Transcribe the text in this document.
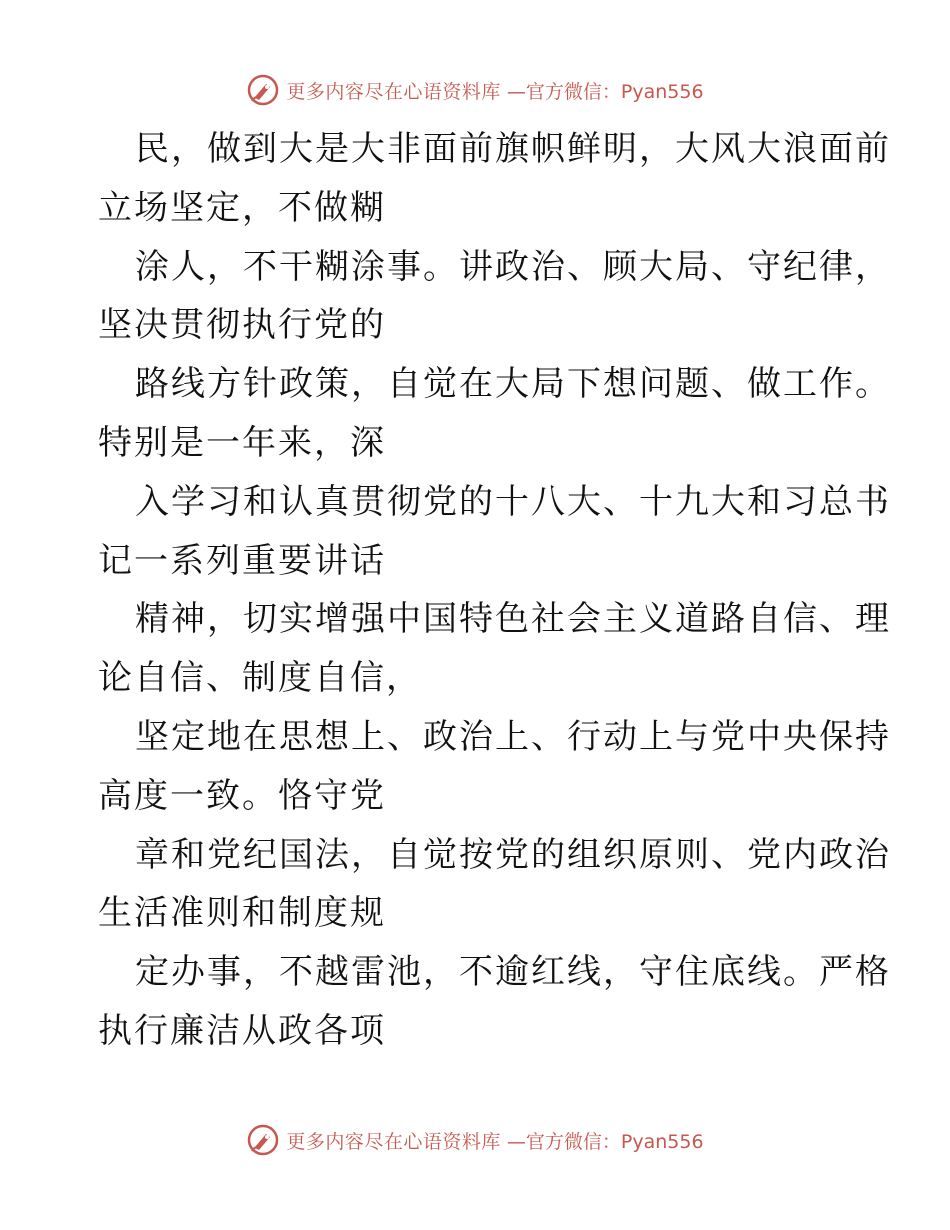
更多内容尽在心语资料库 —官方微信：Pyan556
民，做到大是大非面前旗帜鲜明，大风大浪面前
立场坚定，不做糊
涂人，不干糊涂事。讲政治、顾大局、守纪律，
坚决贯彻执行党的
路线方针政策，自觉在大局下想问题、做工作。
特别是一年来，深
入学习和认真贯彻党的十八大、十九大和习总书
记一系列重要讲话
精神，切实增强中国特色社会主义道路自信、理
论自信、制度自信，
坚定地在思想上、政治上、行动上与党中央保持
高度一致。恪守党
章和党纪国法，自觉按党的组织原则、党内政治
生活准则和制度规
定办事，不越雷池，不逾红线，守住底线。严格
执行廉洁从政各项
更多内容尽在心语资料库 —官方微信：Pyan556
